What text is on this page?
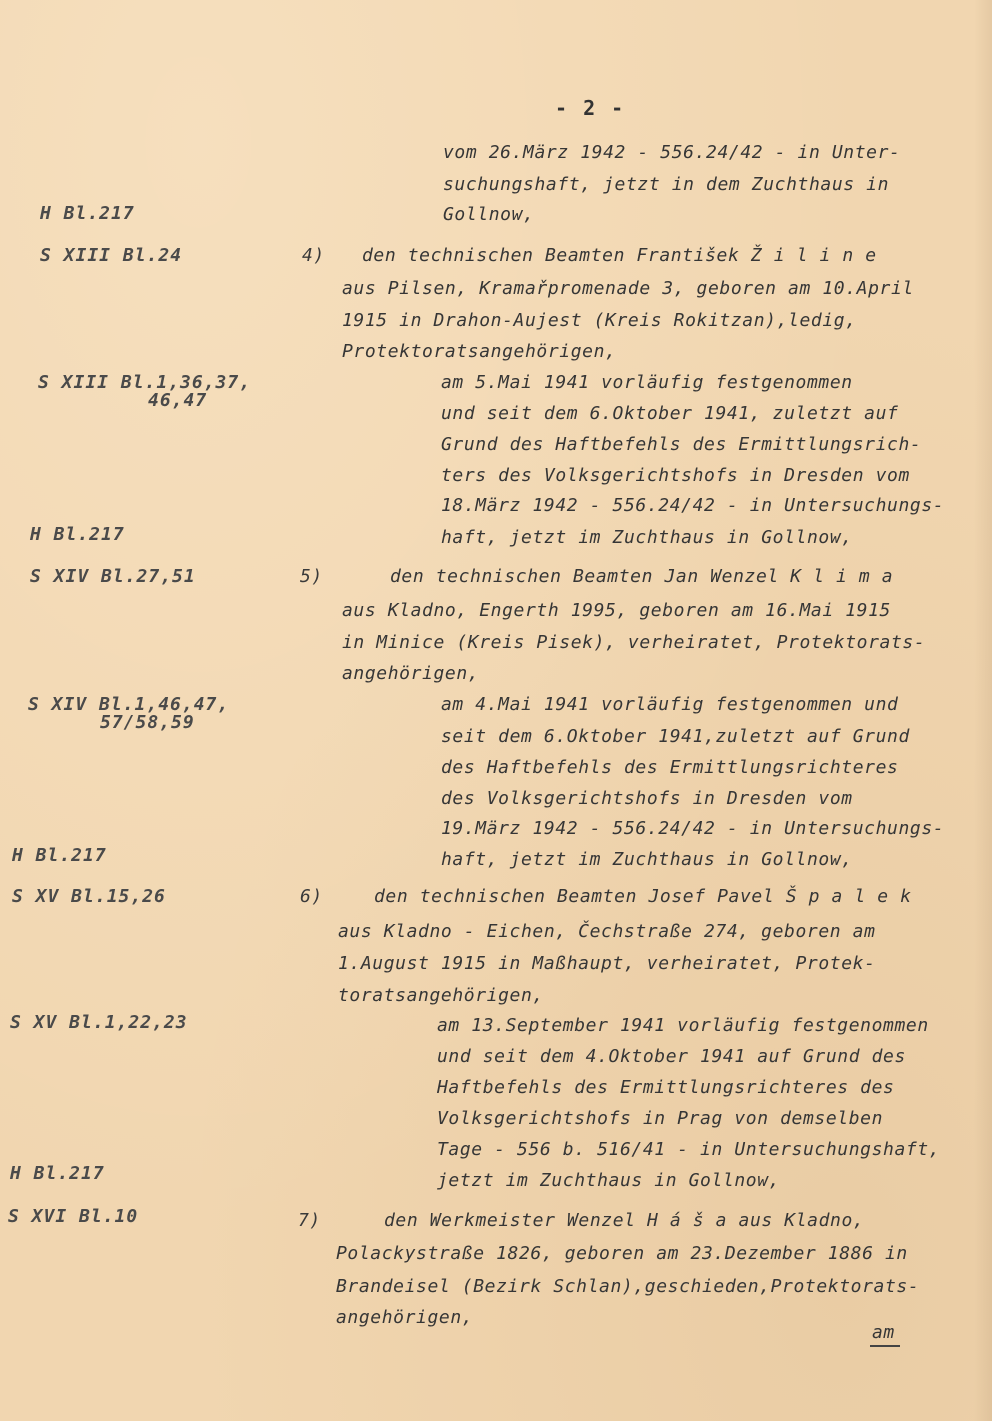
- 2 -
H Bl.217
S XIII Bl.24
S XIII Bl.1,36,37,
46,47
H Bl.217
S XIV Bl.27,51
S XIV Bl.1,46,47,
57/58,59
H Bl.217
S XV Bl.15,26
S XV Bl.1,22,23
H Bl.217
S XVI Bl.10
vom 26.März 1942 - 556.24/42 - in Unter-
suchungshaft, jetzt in dem Zuchthaus in
Gollnow,
4) den technischen Beamten František Ž i l i n e
aus Pilsen, Kramařpromenade 3, geboren am 10.April
1915 in Drahon-Aujest (Kreis Rokitzan),ledig,
Protektoratsangehörigen,
am 5.Mai 1941 vorläufig festgenommen
und seit dem 6.Oktober 1941, zuletzt auf
Grund des Haftbefehls des Ermittlungsrich-
ters des Volksgerichtshofs in Dresden vom
18.März 1942 - 556.24/42 - in Untersuchungs-
haft, jetzt im Zuchthaus in Gollnow,
5)	den technischen Beamten Jan Wenzel K l i m a
aus Kladno, Engerth 1995, geboren am 16.Mai 1915
in Minice (Kreis Pisek), verheiratet, Protektorats-
angehörigen,
am 4.Mai 1941 vorläufig festgenommen und
seit dem 6.Oktober 1941,zuletzt auf Grund
des Haftbefehls des Ermittlungsrichteres
des Volksgerichtshofs in Dresden vom
19.März 1942 - 556.24/42 - in Untersuchungs-
haft, jetzt im Zuchthaus in Gollnow,
6)	den technischen Beamten Josef Pavel Š p a l e k
aus Kladno - Eichen, Čechstraße 274, geboren am
1.August 1915 in Maßhaupt, verheiratet, Protek-
toratsangehörigen,
am 13.September 1941 vorläufig festgenommen
und seit dem 4.Oktober 1941 auf Grund des
Haftbefehls des Ermittlungsrichteres des
Volksgerichtshofs in Prag von demselben
Tage - 556 b. 516/41 - in Untersuchungshaft,
jetzt im Zuchthaus in Gollnow,
7)	den Werkmeister Wenzel H á š a aus Kladno,
Polackystraße 1826, geboren am 23.Dezember 1886 in
Brandeisel (Bezirk Schlan),geschieden,Protektorats-
angehörigen,
am
